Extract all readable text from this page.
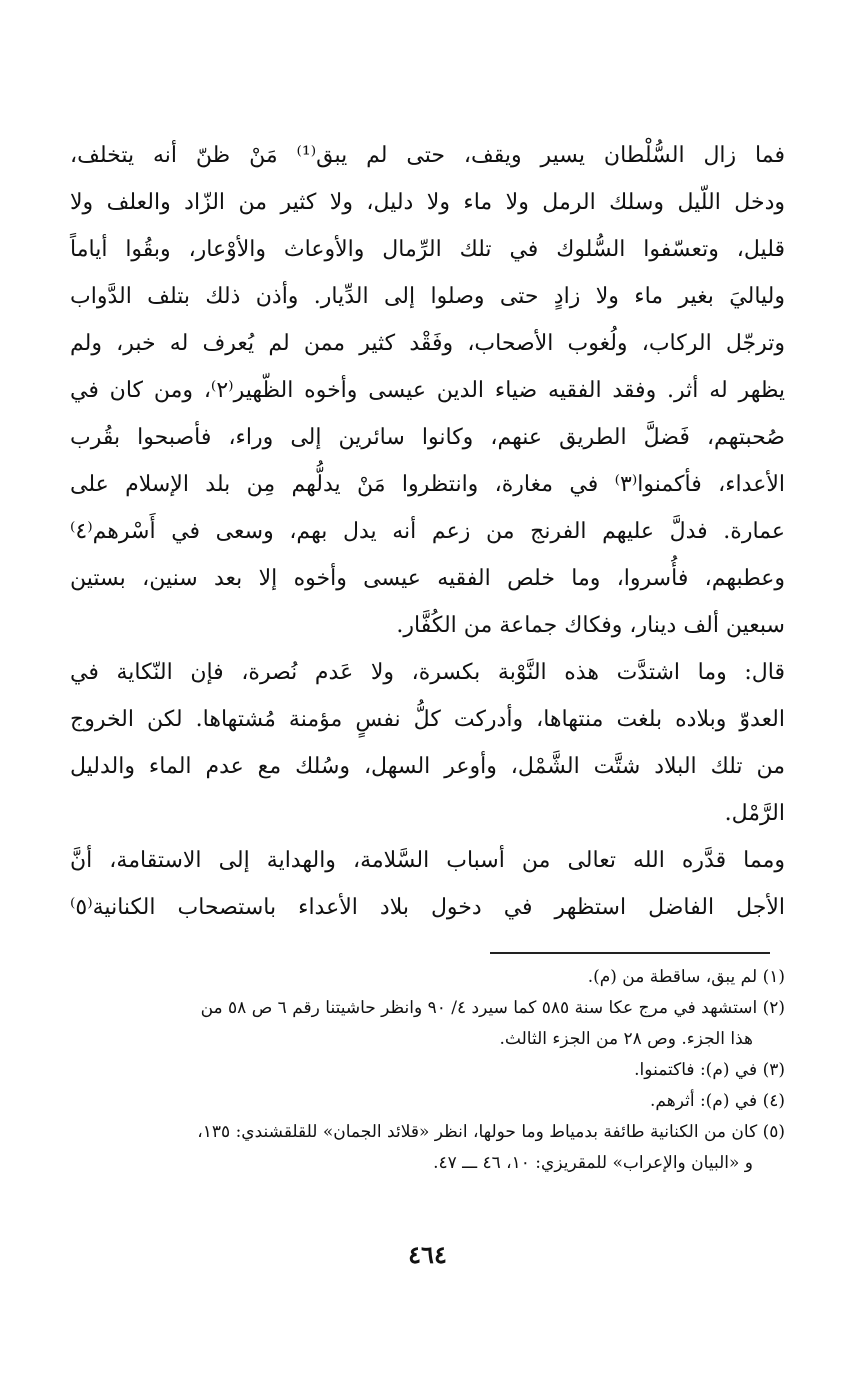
فما زال السُّلْطان يسير ويقف، حتى لم يبق⁽¹⁾ مَنْ ظنّ أنه يتخلف،
ودخل اللّيل وسلك الرمل ولا ماء ولا دليل، ولا كثير من الزّاد والعلف ولا
قليل، وتعسّفوا السُّلوك في تلك الرِّمال والأوعاث والأوْعار، وبقُوا أياماً
ولياليَ بغير ماء ولا زادٍ حتى وصلوا إلى الدِّيار. وأذن ذلك بتلف الدَّواب
وترجّل الركاب، ولُغوب الأصحاب، وفَقْد كثير ممن لم يُعرف له خبر، ولم
يظهر له أثر. وفقد الفقيه ضياء الدين عيسى وأخوه الظّهير⁽٢⁾، ومن كان في
صُحبتهم، فَضلَّ الطريق عنهم، وكانوا سائرين إلى وراء، فأصبحوا بقُرب
الأعداء، فأكمنوا⁽٣⁾ في مغارة، وانتظروا مَنْ يدلُّهم مِن بلد الإسلام على
عمارة. فدلَّ عليهم الفرنج من زعم أنه يدل بهم، وسعى في أَسْرهم⁽٤⁾
وعطبهم، فأُسروا، وما خلص الفقيه عيسى وأخوه إلا بعد سنين، بستين
سبعين ألف دينار، وفكاك جماعة من الكُفَّار.

قال: وما اشتدَّت هذه النَّوْبة بكسرة، ولا عَدم نُصرة، فإن النّكاية في
العدوّ وبلاده بلغت منتهاها، وأدركت كلُّ نفسٍ مؤمنة مُشتهاها. لكن الخروج
من تلك البلاد شتَّت الشَّمْل، وأوعر السهل، وسُلك مع عدم الماء والدليل
الرَّمْل.

ومما قدَّره الله تعالى من أسباب السَّلامة، والهداية إلى الاستقامة، أنَّ
الأجل الفاضل استظهر في دخول بلاد الأعداء باستصحاب الكنانية⁽٥⁾

(١) لم يبق، ساقطة من (م).
(٢) استشهد في مرج عكا سنة ٥٨٥ كما سيرد ٤/ ٩٠ وانظر حاشيتنا رقم ٦ ص ٥٨ من
هذا الجزء. وص ٢٨ من الجزء الثالث.
(٣) في (م): فاكتمنوا.
(٤) في (م): أثرهم.
(٥) كان من الكنانية طائفة بدمياط وما حولها، انظر «قلائد الجمان» للقلقشندي: ١٣٥،
و «البيان والإعراب» للمقريزي: ١٠، ٤٦ ـــ ٤٧.
٤٦٤
